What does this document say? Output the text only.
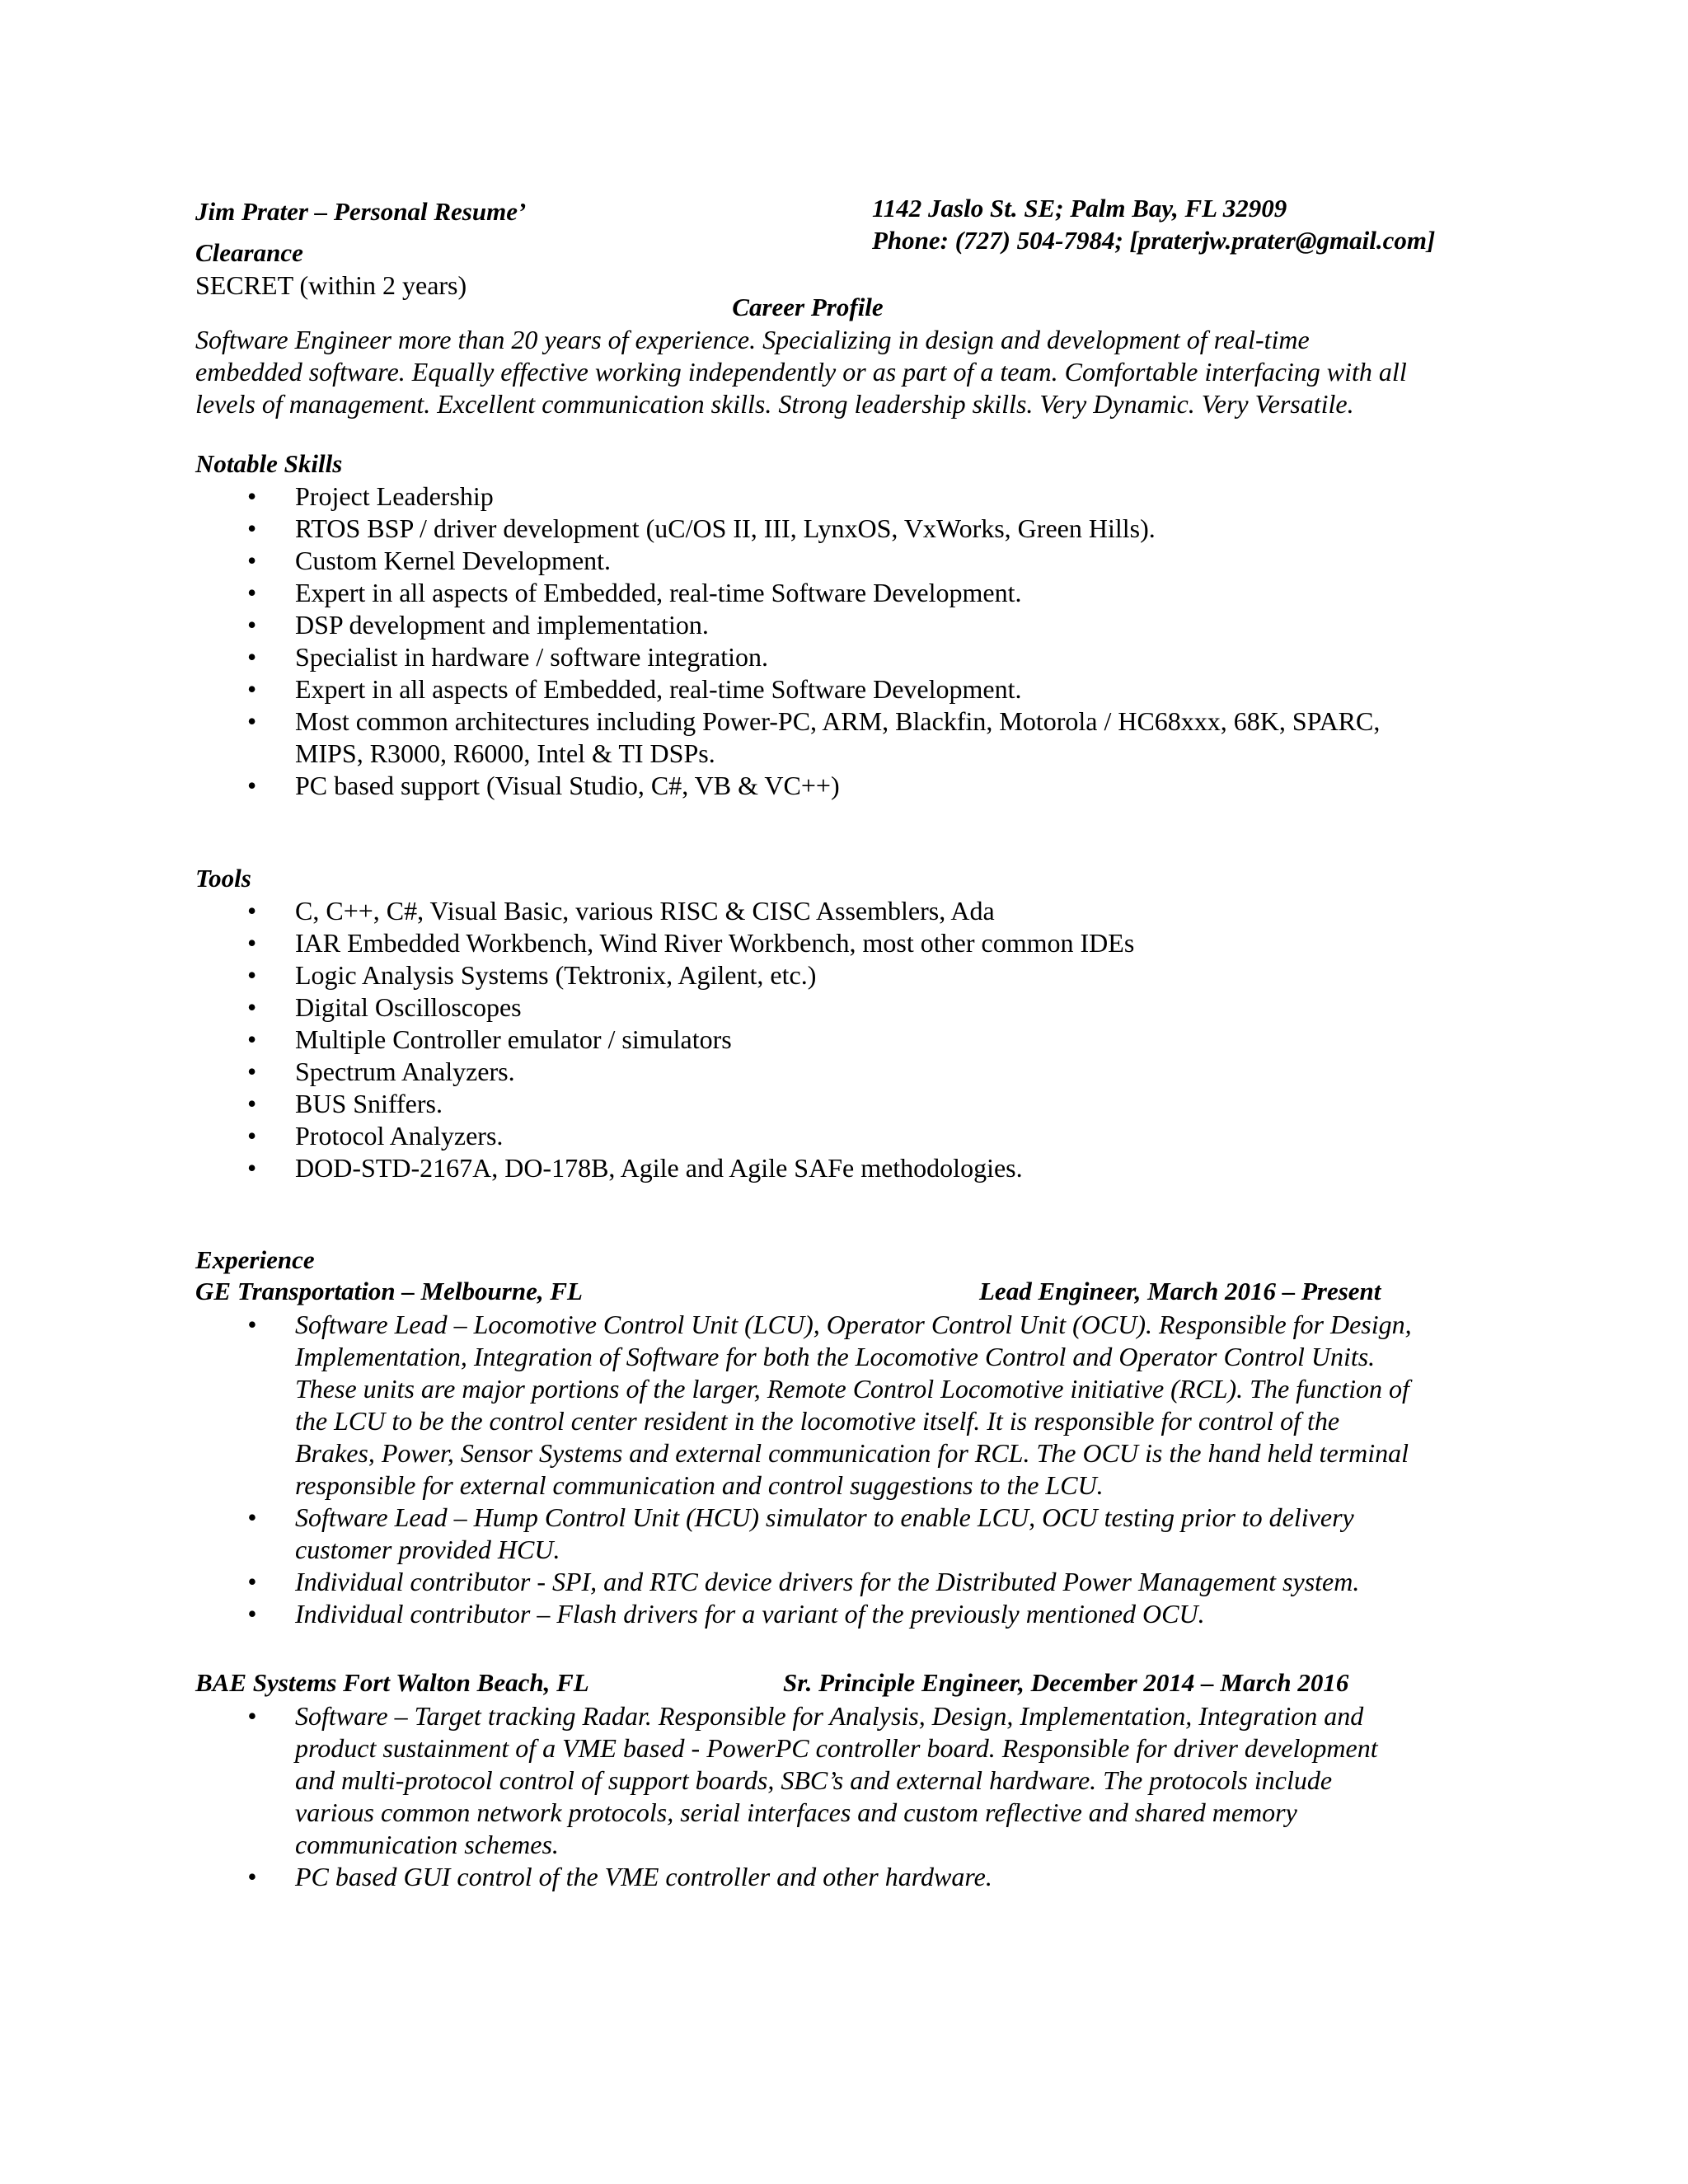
Jim Prater – Personal Resume’	1142 Jaslo St. SE; Palm Bay, FL 32909
Phone: (727) 504-7984; [praterjw.prater@gmail.com]
Clearance
SECRET (within 2 years)
Career Profile

Software Engineer more than 20 years of experience. Specializing in design and development of real-time
embedded software. Equally effective working independently or as part of a team. Comfortable interfacing with all
levels of management. Excellent communication skills. Strong leadership skills. Very Dynamic. Very Versatile.

Notable Skills
• Project Leadership
• RTOS BSP / driver development (uC/OS II, III, LynxOS, VxWorks, Green Hills).
• Custom Kernel Development.
• Expert in all aspects of Embedded, real-time Software Development.
• DSP development and implementation.
• Specialist in hardware / software integration.
• Expert in all aspects of Embedded, real-time Software Development.
• Most common architectures including Power-PC, ARM, Blackfin, Motorola / HC68xxx, 68K, SPARC,
MIPS, R3000, R6000, Intel & TI DSPs.
• PC based support (Visual Studio, C#, VB & VC++)
Tools
• C, C++, C#, Visual Basic, various RISC & CISC Assemblers, Ada
• IAR Embedded Workbench, Wind River Workbench, most other common IDEs
• Logic Analysis Systems (Tektronix, Agilent, etc.)
• Digital Oscilloscopes
• Multiple Controller emulator / simulators
• Spectrum Analyzers.
• BUS Sniffers.
• Protocol Analyzers.
• DOD-STD-2167A, DO-178B, Agile and Agile SAFe methodologies.
Experience
GE Transportation – Melbourne, FL	Lead Engineer, March 2016 – Present
• Software Lead – Locomotive Control Unit (LCU), Operator Control Unit (OCU). Responsible for Design,
Implementation, Integration of Software for both the Locomotive Control and Operator Control Units.
These units are major portions of the larger, Remote Control Locomotive initiative (RCL). The function of
the LCU to be the control center resident in the locomotive itself. It is responsible for control of the
Brakes, Power, Sensor Systems and external communication for RCL. The OCU is the hand held terminal
responsible for external communication and control suggestions to the LCU.
• Software Lead – Hump Control Unit (HCU) simulator to enable LCU, OCU testing prior to delivery
customer provided HCU.
• Individual contributor - SPI, and RTC device drivers for the Distributed Power Management system.
• Individual contributor – Flash drivers for a variant of the previously mentioned OCU.
BAE Systems Fort Walton Beach, FL	Sr. Principle Engineer, December 2014 – March 2016
• Software – Target tracking Radar. Responsible for Analysis, Design, Implementation, Integration and
product sustainment of a VME based - PowerPC controller board. Responsible for driver development
and multi-protocol control of support boards, SBC’s and external hardware. The protocols include
various common network protocols, serial interfaces and custom reflective and shared memory
communication schemes.
• PC based GUI control of the VME controller and other hardware.
